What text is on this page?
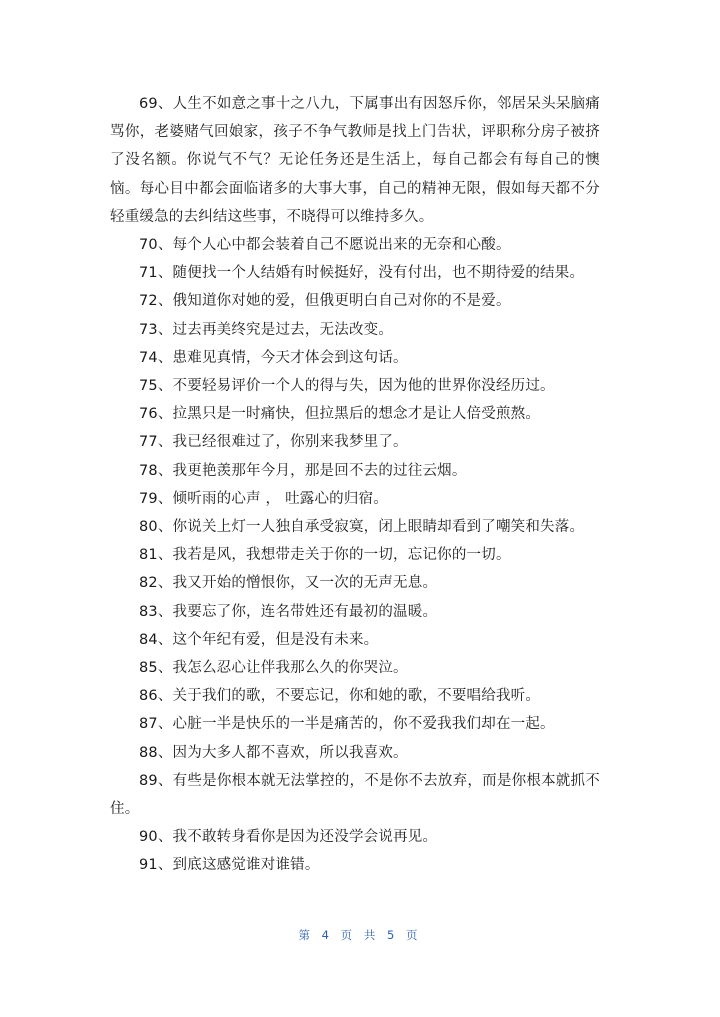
69、人生不如意之事十之八九，下属事出有因怒斥你，邻居呆头呆脑痛骂你，老婆赌气回娘家，孩子不争气教师是找上门告状，评职称分房子被挤了没名额。你说气不气？无论任务还是生活上，每自己都会有每自己的懊恼。每心目中都会面临诸多的大事大事，自己的精神无限，假如每天都不分轻重缓急的去纠结这些事，不晓得可以维持多久。

70、每个人心中都会装着自己不愿说出来的无奈和心酸。

71、随便找一个人结婚有时候挺好，没有付出，也不期待爱的结果。

72、俄知道你对她的爱，但俄更明白自己对你的不是爱。

73、过去再美终究是过去，无法改变。

74、患难见真情，今天才体会到这句话。

75、不要轻易评价一个人的得与失，因为他的世界你没经历过。

76、拉黑只是一时痛快，但拉黑后的想念才是让人倍受煎熬。

77、我已经很难过了，你别来我梦里了。

78、我更艳羡那年今月，那是回不去的过往云烟。

79、倾听雨的心声 ， 吐露心的归宿。

80、你说关上灯一人独自承受寂寞，闭上眼睛却看到了嘲笑和失落。

81、我若是风，我想带走关于你的一切，忘记你的一切。

82、我又开始的憎恨你，又一次的无声无息。

83、我要忘了你，连名带姓还有最初的温暖。

84、这个年纪有爱，但是没有未来。

85、我怎么忍心让伴我那么久的你哭泣。

86、关于我们的歌，不要忘记，你和她的歌，不要唱给我听。

87、心脏一半是快乐的一半是痛苦的，你不爱我我们却在一起。

88、因为大多人都不喜欢，所以我喜欢。

89、有些是你根本就无法掌控的，不是你不去放弃，而是你根本就抓不住。

90、我不敢转身看你是因为还没学会说再见。

91、到底这感觉谁对谁错。

第 4 页 共 5 页
